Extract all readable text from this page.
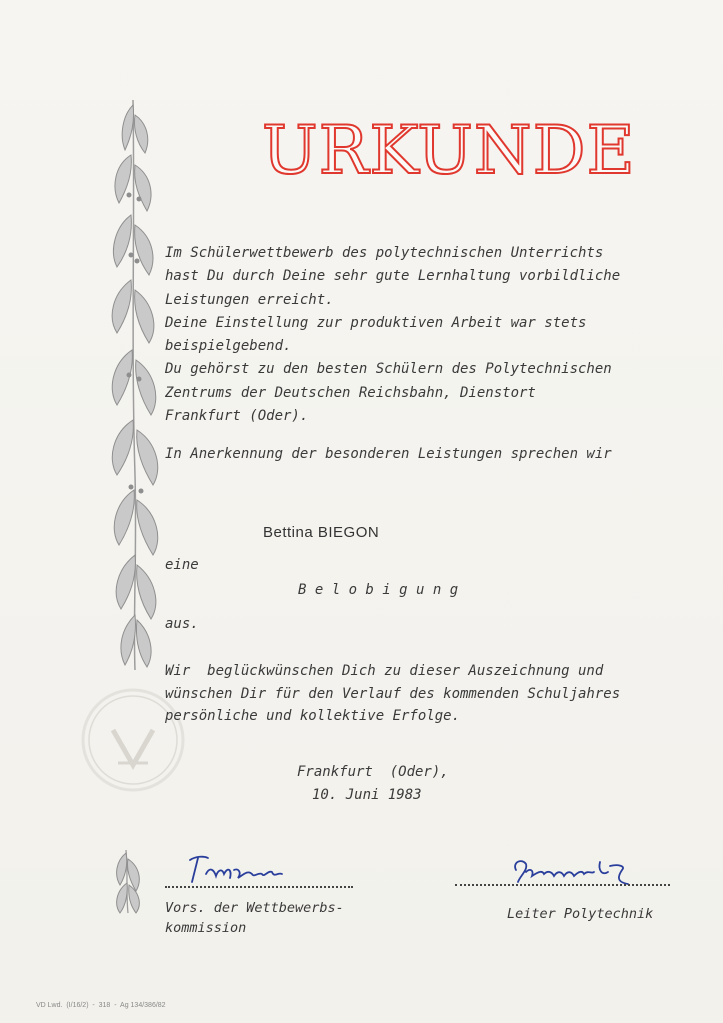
URKUNDE
Im Schülerwettbewerb des polytechnischen Unterrichts
hast Du durch Deine sehr gute Lernhaltung vorbildliche
Leistungen erreicht.
Deine Einstellung zur produktiven Arbeit war stets
beispielgebend.
Du gehörst zu den besten Schülern des Polytechnischen
Zentrums der Deutschen Reichsbahn, Dienstort
Frankfurt (Oder).
In Anerkennung der besonderen Leistungen sprechen wir
Bettina BIEGON
eine
B e l o b i g u n g
aus.
Wir  beglückwünschen Dich zu dieser Auszeichnung und
wünschen Dir für den Verlauf des kommenden Schuljahres
persönliche und kollektive Erfolge.
Frankfurt  (Oder),
10. Juni 1983
Vors. der Wettbewerbs-
kommission
Leiter Polytechnik
VD Lwd.  (I/16/2)  -  318  -  Ag 134/386/82
